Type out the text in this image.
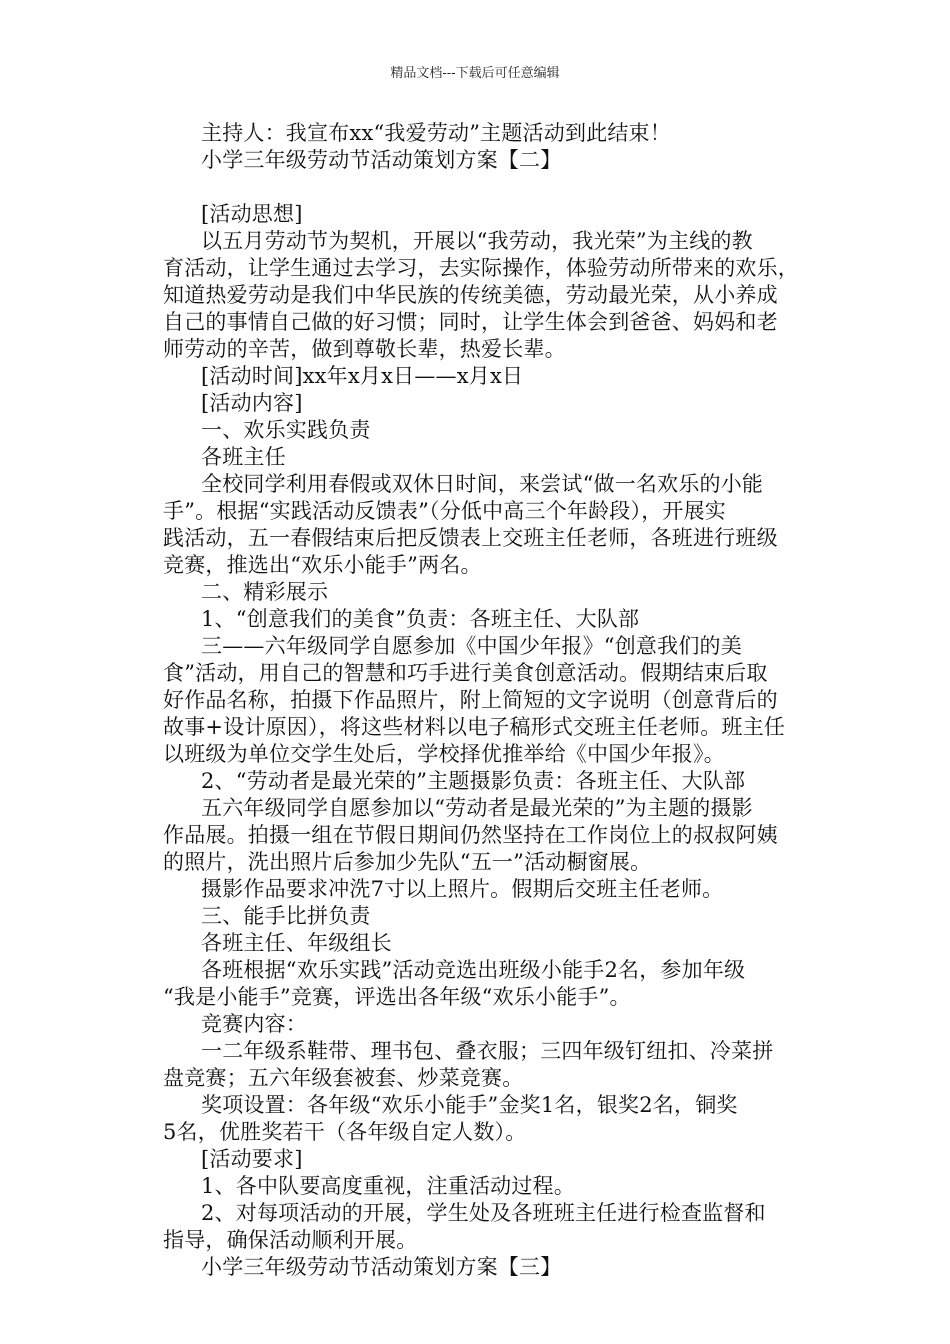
精品文档---下载后可任意编辑
主持人：我宣布xx“我爱劳动”主题活动到此结束！
小学三年级劳动节活动策划方案【二】
[活动思想]
以五月劳动节为契机，开展以“我劳动，我光荣”为主线的教
育活动，让学生通过去学习，去实际操作，体验劳动所带来的欢乐，
知道热爱劳动是我们中华民族的传统美德，劳动最光荣，从小养成
自己的事情自己做的好习惯；同时，让学生体会到爸爸、妈妈和老
师劳动的辛苦，做到尊敬长辈，热爱长辈。
[活动时间]xx年x月x日——x月x日
[活动内容]
一、欢乐实践负责
各班主任
全校同学利用春假或双休日时间，来尝试“做一名欢乐的小能
手”。根据“实践活动反馈表”（分低中高三个年龄段），开展实
践活动，五一春假结束后把反馈表上交班主任老师，各班进行班级
竞赛，推选出“欢乐小能手”两名。
二、精彩展示
1、“创意我们的美食”负责：各班主任、大队部
三——六年级同学自愿参加《中国少年报》“创意我们的美
食”活动，用自己的智慧和巧手进行美食创意活动。假期结束后取
好作品名称，拍摄下作品照片，附上简短的文字说明（创意背后的
故事+设计原因），将这些材料以电子稿形式交班主任老师。班主任
以班级为单位交学生处后，学校择优推举给《中国少年报》。
2、“劳动者是最光荣的”主题摄影负责：各班主任、大队部
五六年级同学自愿参加以“劳动者是最光荣的”为主题的摄影
作品展。拍摄一组在节假日期间仍然坚持在工作岗位上的叔叔阿姨
的照片，洗出照片后参加少先队“五一”活动橱窗展。
摄影作品要求冲洗7寸以上照片。假期后交班主任老师。
三、能手比拼负责
各班主任、年级组长
各班根据“欢乐实践”活动竞选出班级小能手2名，参加年级
“我是小能手”竞赛，评选出各年级“欢乐小能手”。
竞赛内容：
一二年级系鞋带、理书包、叠衣服；三四年级钉纽扣、冷菜拼
盘竞赛；五六年级套被套、炒菜竞赛。
奖项设置：各年级“欢乐小能手”金奖1名，银奖2名，铜奖
5名，优胜奖若干（各年级自定人数）。
[活动要求]
1、各中队要高度重视，注重活动过程。
2、对每项活动的开展，学生处及各班班主任进行检查监督和
指导，确保活动顺利开展。
小学三年级劳动节活动策划方案【三】
